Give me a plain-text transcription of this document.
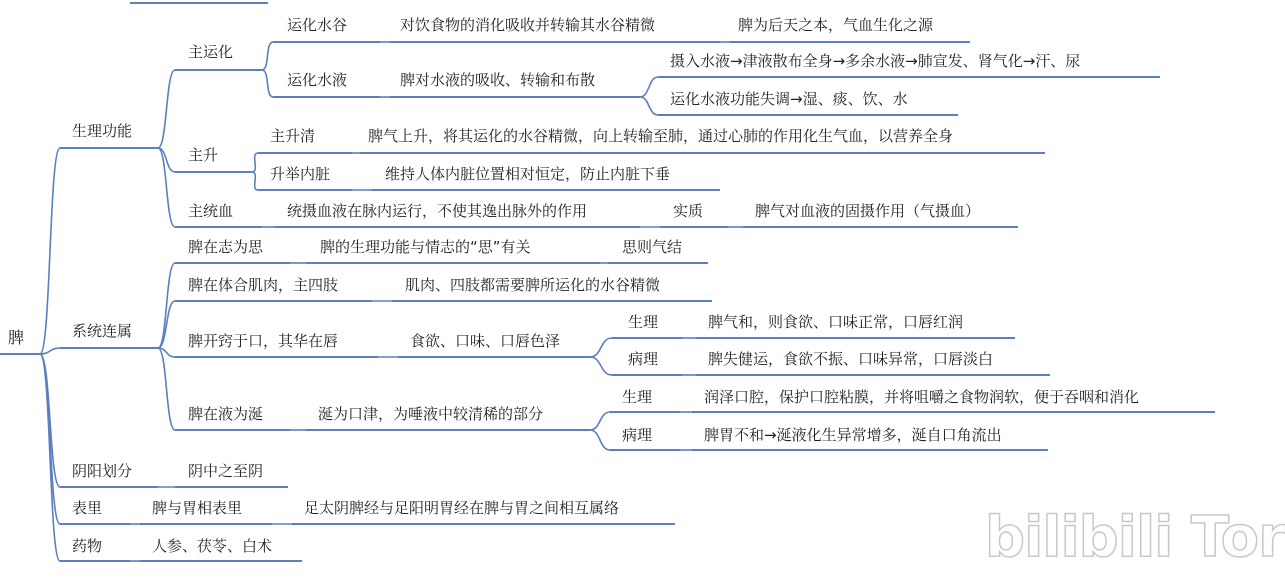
脾
生理功能
主运化
运化水谷	对饮食物的消化吸收并转输其水谷精微	脾为后天之本，气血生化之源
运化水液	脾对水液的吸收、转输和布散
摄入水液→津液散布全身→多余水液→肺宣发、肾气化→汗、尿
运化水液功能失调→湿、痰、饮、水
主升
主升清	脾气上升，将其运化的水谷精微，向上转输至肺，通过心肺的作用化生气血，以营养全身
升举内脏	维持人体内脏位置相对恒定，防止内脏下垂
主统血	统摄血液在脉内运行，不使其逸出脉外的作用	实质	脾气对血液的固摄作用（气摄血）
系统连属
脾在志为思	脾的生理功能与情志的“思”有关	思则气结
脾在体合肌肉，主四肢	肌肉、四肢都需要脾所运化的水谷精微
脾开窍于口，其华在唇	食欲、口味、口唇色泽
生理	脾气和，则食欲、口味正常，口唇红润
病理	脾失健运，食欲不振、口味异常，口唇淡白
脾在液为涎	涎为口津，为唾液中较清稀的部分
生理	润泽口腔，保护口腔粘膜，并将咀嚼之食物润软，便于吞咽和消化
病理	脾胃不和→涎液化生异常增多，涎自口角流出
阴阳划分	阴中之至阴
表里	脾与胃相表里	足太阴脾经与足阳明胃经在脾与胃之间相互属络
药物	人参、茯苓、白术	bilibili Tor
